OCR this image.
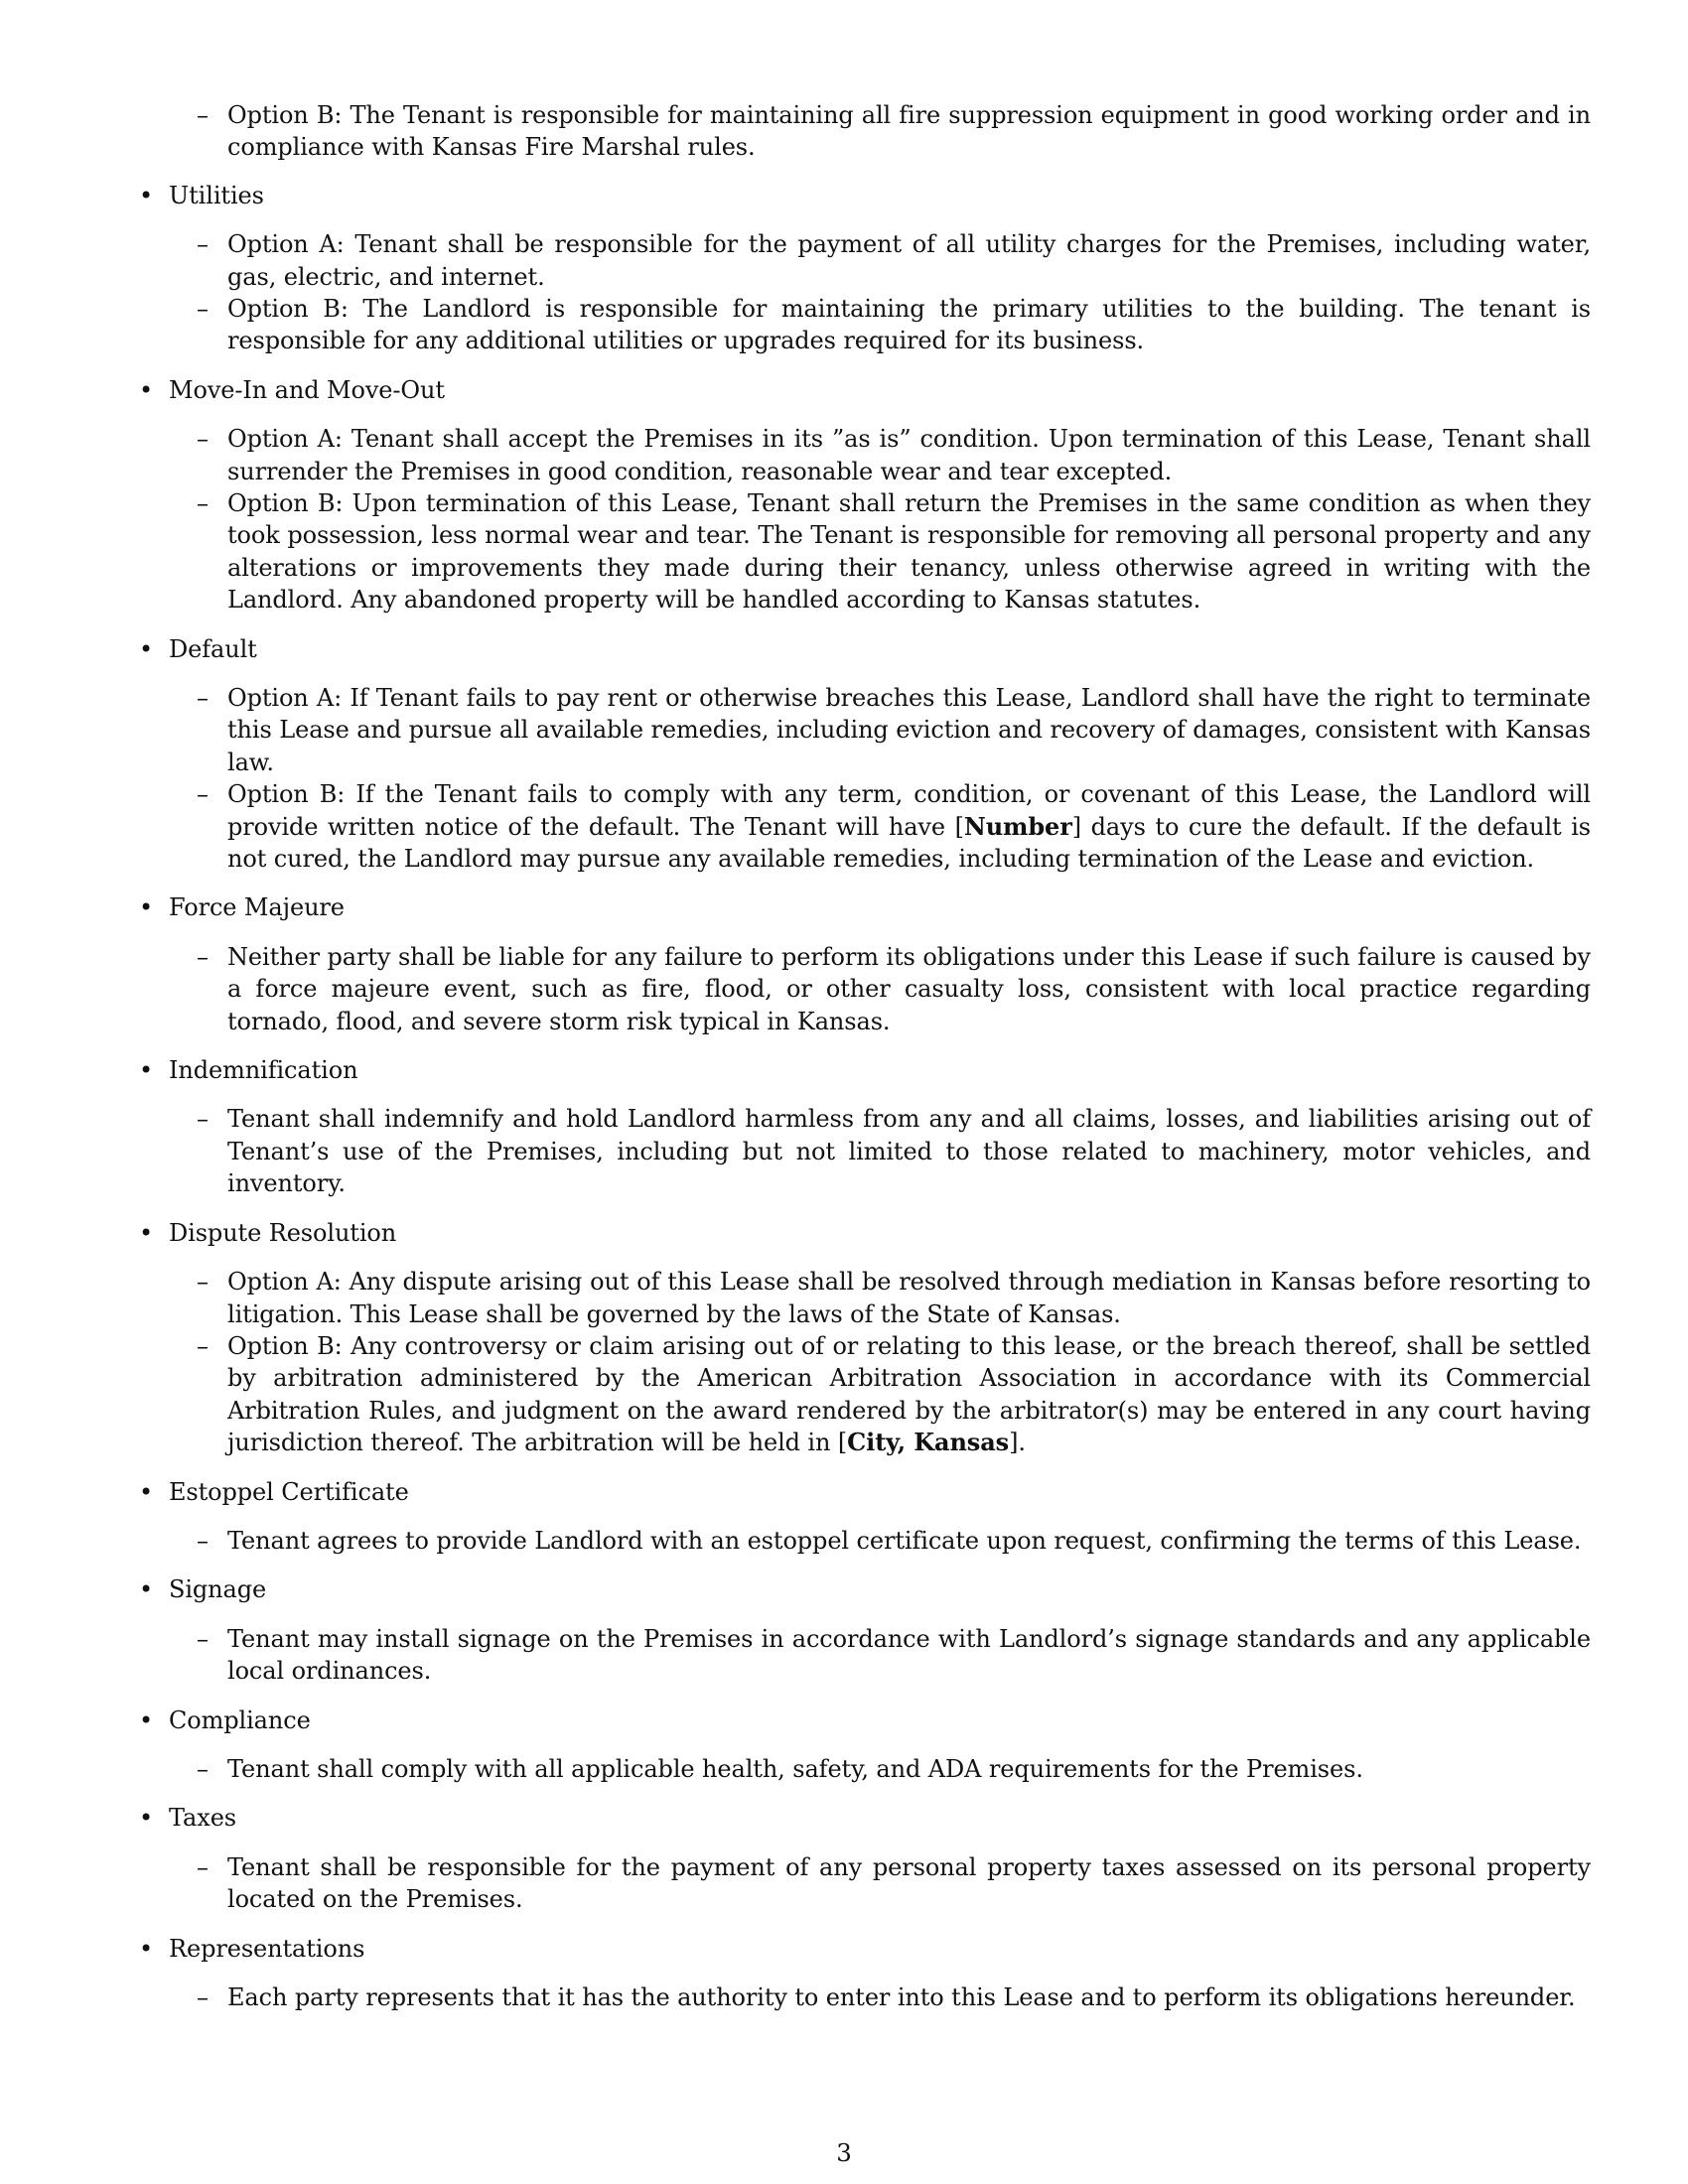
– Option B: The Tenant is responsible for maintaining all fire suppression equipment in good working order and in compliance with Kansas Fire Marshal rules.
• Utilities
– Option A: Tenant shall be responsible for the payment of all utility charges for the Premises, including water, gas, electric, and internet.
– Option B: The Landlord is responsible for maintaining the primary utilities to the building. The tenant is responsible for any additional utilities or upgrades required for its business.
• Move-In and Move-Out
– Option A: Tenant shall accept the Premises in its ”as is” condition. Upon termination of this Lease, Tenant shall surrender the Premises in good condition, reasonable wear and tear excepted.
– Option B: Upon termination of this Lease, Tenant shall return the Premises in the same condition as when they took possession, less normal wear and tear. The Tenant is responsible for removing all personal property and any alterations or improvements they made during their tenancy, unless otherwise agreed in writing with the Landlord. Any abandoned property will be handled according to Kansas statutes.
• Default
– Option A: If Tenant fails to pay rent or otherwise breaches this Lease, Landlord shall have the right to terminate this Lease and pursue all available remedies, including eviction and recovery of damages, consistent with Kansas law.
– Option B: If the Tenant fails to comply with any term, condition, or covenant of this Lease, the Landlord will provide written notice of the default. The Tenant will have [Number] days to cure the default. If the default is not cured, the Landlord may pursue any available remedies, including termination of the Lease and eviction.
• Force Majeure
– Neither party shall be liable for any failure to perform its obligations under this Lease if such failure is caused by a force majeure event, such as fire, flood, or other casualty loss, consistent with local practice regarding tornado, flood, and severe storm risk typical in Kansas.
• Indemnification
– Tenant shall indemnify and hold Landlord harmless from any and all claims, losses, and liabilities arising out of Tenant’s use of the Premises, including but not limited to those related to machinery, motor vehicles, and inventory.
• Dispute Resolution
– Option A: Any dispute arising out of this Lease shall be resolved through mediation in Kansas before resorting to litigation. This Lease shall be governed by the laws of the State of Kansas.
– Option B: Any controversy or claim arising out of or relating to this lease, or the breach thereof, shall be settled by arbitration administered by the American Arbitration Association in accordance with its Commercial Arbitration Rules, and judgment on the award rendered by the arbitrator(s) may be entered in any court having jurisdiction thereof. The arbitration will be held in [City, Kansas].
• Estoppel Certificate
– Tenant agrees to provide Landlord with an estoppel certificate upon request, confirming the terms of this Lease.
• Signage
– Tenant may install signage on the Premises in accordance with Landlord’s signage standards and any applicable local ordinances.
• Compliance
– Tenant shall comply with all applicable health, safety, and ADA requirements for the Premises.
• Taxes
– Tenant shall be responsible for the payment of any personal property taxes assessed on its personal property located on the Premises.
• Representations
– Each party represents that it has the authority to enter into this Lease and to perform its obligations hereunder.
3
